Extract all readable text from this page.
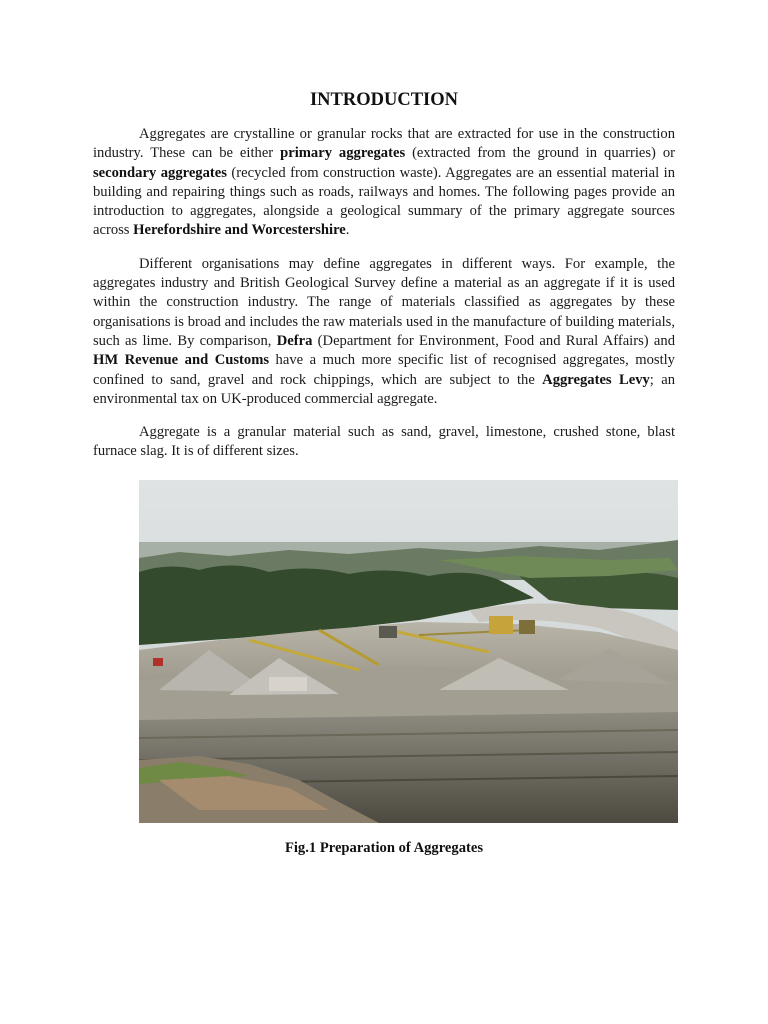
INTRODUCTION

Aggregates are crystalline or granular rocks that are extracted for use in the construction industry. These can be either primary aggregates (extracted from the ground in quarries) or secondary aggregates (recycled from construction waste). Aggregates are an essential material in building and repairing things such as roads, railways and homes. The following pages provide an introduction to aggregates, alongside a geological summary of the primary aggregate sources across Herefordshire and Worcestershire.

Different organisations may define aggregates in different ways. For example, the aggregates industry and British Geological Survey define a material as an aggregate if it is used within the construction industry. The range of materials classified as aggregates by these organisations is broad and includes the raw materials used in the manufacture of building materials, such as lime. By comparison, Defra (Department for Environment, Food and Rural Affairs) and HM Revenue and Customs have a much more specific list of recognised aggregates, mostly confined to sand, gravel and rock chippings, which are subject to the Aggregates Levy; an environmental tax on UK-produced commercial aggregate.

Aggregate is a granular material such as sand, gravel, limestone, crushed stone, blast furnace slag. It is of different sizes.

Fig.1 Preparation of Aggregates
